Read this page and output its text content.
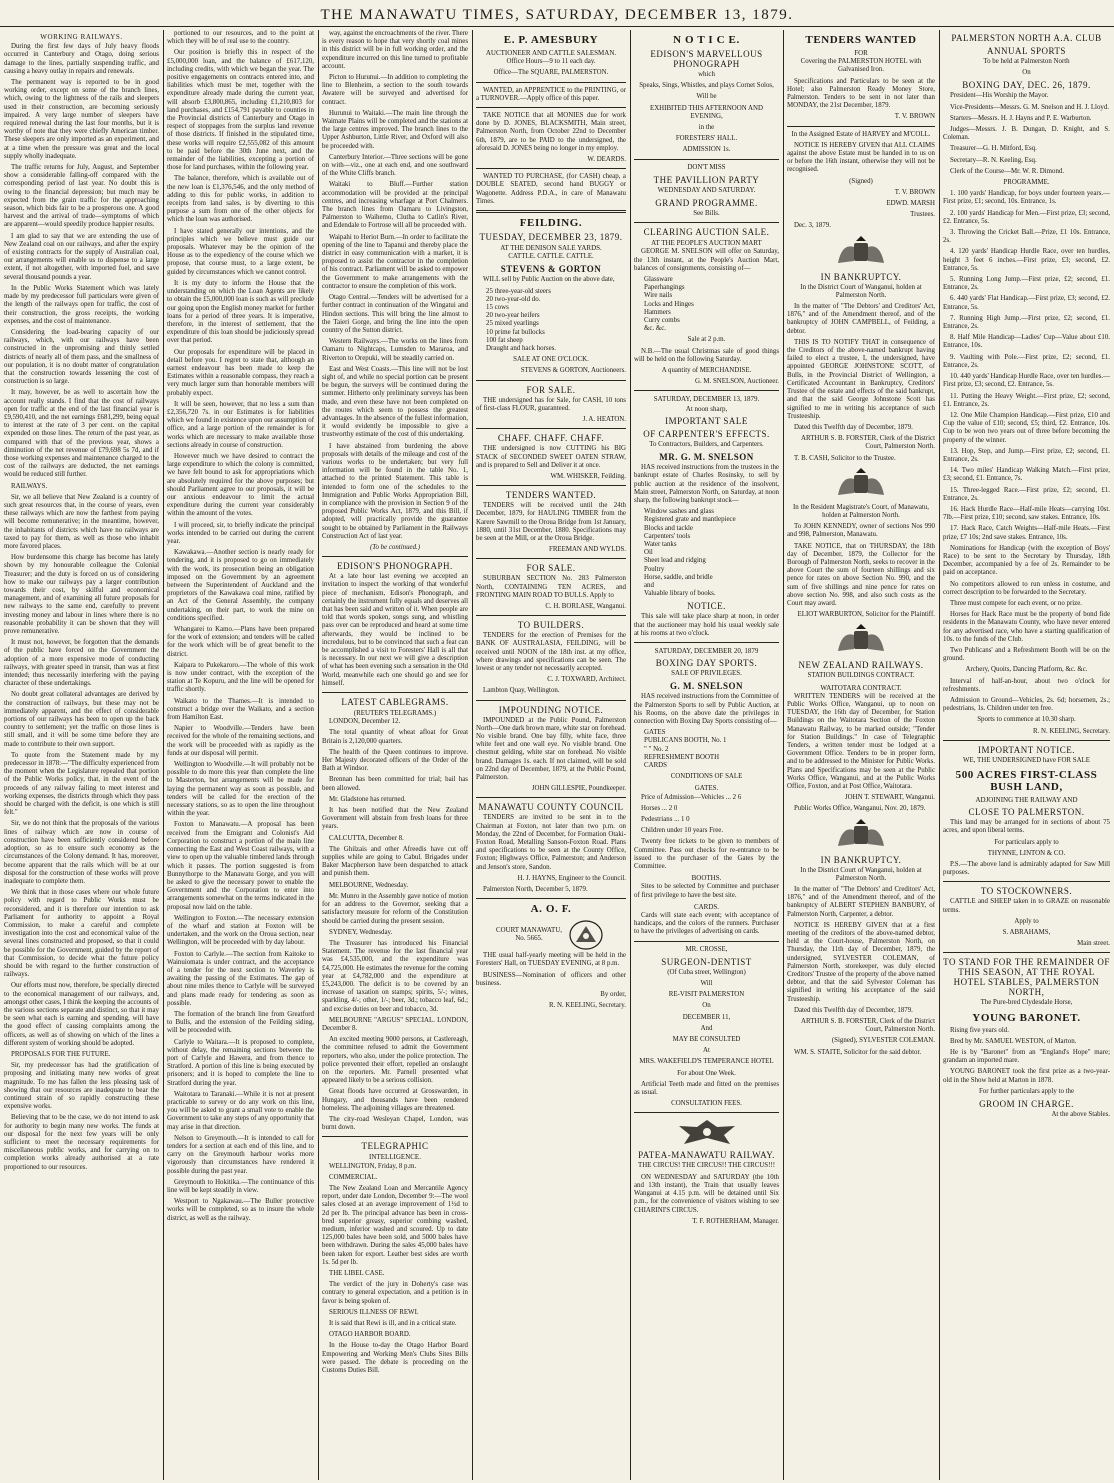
THE MANAWATU TIMES, SATURDAY, DECEMBER 13, 1879.

WORKING RAILWAYS.

During the first few days of July heavy floods occurred in Canterbury and Otago, doing serious damage to the lines, partially suspending traffic, and causing a heavy outlay in repairs and renewals.

The permanent way is reported to be in good working order, except on some of the branch lines, which, owing to the lightness of the rails and sleepers used in their construction, are becoming seriously impaired. A very large number of sleepers have required renewal during the last four months, but it is worthy of note that they were chiefly American timber. These sleepers are only imported as an experiment, and at a time when the pressure was great and the local supply wholly inadequate.

The traffic returns for July, August, and September show a considerable falling-off compared with the corresponding period of last year. No doubt this is owing to the financial depression; but much may be expected from the grain traffic for the approaching season, which bids fair to be a prosperous one. A good harvest and the arrival of trade—symptoms of which are apparent—would speedily produce happier results.

I am glad to say that we are extending the use of New Zealand coal on our railways, and after the expiry of existing contracts for the supply of Australian coal, our arrangements will enable us to dispense to a large extent, if not altogether, with imported fuel, and save several thousand pounds a year.

In the Public Works Statement which was lately made by my predecessor full particulars were given of the length of the railways open for traffic, the cost of their construction, the gross receipts, the working expenses, and the cost of maintenance.

Considering the load-bearing capacity of our railways, which, with our railways have been constructed in the unpromising and thinly settled districts of nearly all of them pass, and the smallness of our population, it is no doubt matter of congratulation that the construction towards lessening the cost of construction is so large.

It may, however, be as well to ascertain how the account really stands. I find that the cost of railways open for traffic at the end of the last financial year is £9,590,410, and the net earnings £681,299, being equal to interest at the rate of 3 per cent. on the capital expended on those lines. The return of the past year, as compared with that of the previous year, shows a diminution of the net revenue of £79,698 5s 7d, and if those working expenses and maintenance charged to the cost of the railways are deducted, the net earnings would be reduced still further.

RAILWAYS.

Sir, we all believe that New Zealand is a country of such great resources that, in the course of years, even these railways which are now the farthest from paying will become remunerative; in the meantime, however, the inhabitants of districts which have no railways are taxed to pay for them, as well as those who inhabit more favored places.

How burdensome this charge has become has lately shown by my honourable colleague the Colonial Treasurer; and the duty is forced on us of considering how to make our railways pay a larger contribution towards their cost, by skilful and economical management, and of examining all future proposals for new railways to the same end, carefully to prevent investing money and labour in lines where there is no reasonable probability it can be shown that they will prove remunerative.

It must not, however, be forgotten that the demands of the public have forced on the Government the adoption of a more expensive mode of conducting railways, with greater speed in transit, than was at first intended; thus necessarily interfering with the paying character of these undertakings.

No doubt great collateral advantages are derived by the construction of railways, but these may not be immediately apparent, and the effect of considerable portions of our railways has been to open up the back country to settlement; yet the traffic on those lines is still small, and it will be some time before they are made to contribute to their own support.

To quote from the Statement made by my predecessor in 1878:—"The difficulty experienced from the moment when the Legislature repealed that portion of the Public Works policy, that, in the event of the proceeds of any railway failing to meet interest and working expenses, the districts through which they pass should be charged with the deficit, is one which is still felt."

Sir, we do not think that the proposals of the various lines of railway which are now in course of construction have been sufficiently considered before adoption, so as to ensure such economy as the circumstances of the Colony demand. It has, moreover, become apparent that the rails which will be at our disposal for the construction of these works will prove inadequate to complete them.

We think that in those cases where our whole future policy with regard to Public Works must be reconsidered, and it is therefore our intention to ask Parliament for authority to appoint a Royal Commission, to make a careful and complete investigation into the cost and economical value of the several lines constructed and proposed, so that it could be possible for the Government, guided by the report of that Commission, to decide what the future policy should be with regard to the further construction of railways.

Our efforts must now, therefore, be specially directed to the economical management of our railways, and, amongst other cases, I think the keeping the accounts of the various sections separate and distinct, so that it may be seen what each is earning and spending, will have the good effect of causing complaints among the officers, as well as of showing on which of the lines a different system of working should be adopted.

PROPOSALS FOR THE FUTURE.

Sir, my predecessor has had the gratification of proposing and initiating many new works of great magnitude. To me has fallen the less pleasing task of showing that our resources are inadequate to bear the continued strain of so rapidly constructing these expensive works.

Believing that to be the case, we do not intend to ask for authority to begin many new works. The funds at our disposal for the next few years will be only sufficient to meet the necessary requirements for miscellaneous public works, and for carrying on to completion works already authorised at a rate proportioned to our resources.

portioned to our resources, and to the point at which they will be of real use to the country.

Our position is briefly this in respect of the £5,000,000 loan, and the balance of £617,120, including credits, with which we began the year. The positive engagements on contracts entered into, and liabilities which must be met, together with the expenditure already made during the current year, will absorb £3,800,865, including £1,210,803 for land purchases, and £154,791 payable to counties in the Provincial districts of Canterbury and Otago in respect of stoppages from the surplus land revenue of those districts. If finished in the stipulated time, these works will require £2,555,082 of this amount to be paid before the 30th June next, and the remainder of the liabilities, excepting a portion of those for land purchases, within the following year.

The balance, therefore, which is available out of the new loan is £1,376,546, and the only method of adding to this for public works, in addition to receipts from land sales, is by diverting to this purpose a sum from one of the other objects for which the loan was authorised.

I have stated generally our intentions, and the principles which we believe must guide our proposals. Whatever may be the opinion of the House as to the expediency of the course which we propose, that course must, to a large extent, be guided by circumstances which we cannot control.

It is my duty to inform the House that the understanding on which the Loan Agents are likely to obtain the £5,000,000 loan is such as will preclude our going upon the English money market for further loans for a period of three years. It is imperative, therefore, in the interest of settlement, that the expenditure of this loan should be judiciously spread over that period.

Our proposals for expenditure will be placed in detail before you. I regret to state that, although an earnest endeavour has been made to keep the Estimates within a reasonable compass, they reach a very much larger sum than honorable members will probably expect.

It will be seen, however, that no less a sum than £2,356,720 7s. in our Estimates is for liabilities which we found in existence upon our assumption of office, and a large portion of the remainder is for works which are necessary to make available those sections already in course of construction.

However much we have desired to contract the large expenditure to which the colony is committed, we have felt bound to ask for appropriations which are absolutely required for the above purposes; but should Parliament agree to our proposals, it will be our anxious endeavour to limit the actual expenditure during the current year considerably within the amount of the votes.

I will proceed, sir, to briefly indicate the principal works intended to be carried out during the current year.

Kawakawa.—Another section is nearly ready for tendering, and it is proposed to go on immediately with the work, its prosecution being an obligation imposed on the Government by an agreement between the Superintendent of Auckland and the proprietors of the Kawakawa coal mine, ratified by an Act of the General Assembly, the company undertaking, on their part, to work the mine on conditions specified.

Whangarei to Kamo.—Plans have been prepared for the work of extension; and tenders will be called for the work which will be of great benefit to the district.

Kaipara to Pukekaroro.—The whole of this work is now under contract, with the exception of the station at Te Kopuru, and the line will be opened for traffic shortly.

Waikato to the Thames.—It is intended to construct a bridge over the Waikato, and a section from Hamilton East.

Napier to Woodville.—Tenders have been received for the whole of the remaining sections, and the work will be proceeded with as rapidly as the funds at our disposal will permit.

Wellington to Woodville.—It will probably not be possible to do more this year than complete the line to Masterton, but arrangements will be made for laying the permanent way as soon as possible, and tenders will be called for the erection of the necessary stations, so as to open the line throughout within the year.

Foxton to Manawatu.—A proposal has been received from the Emigrant and Colonist's Aid Corporation to construct a portion of the main line connecting the East and West Coast railways, with a view to open up the valuable timbered lands through which it passes. The portion suggested is from Bunnythorpe to the Manawatu Gorge, and you will be asked to give the necessary power to enable the Government and the Corporation to enter into arrangements somewhat on the terms indicated in the proposal now laid on the table.

Wellington to Foxton.—The necessary extension of the wharf and station at Foxton will be undertaken, and the work on the Oroua section, near Wellington, will be proceeded with by day labour.

Foxton to Carlyle.—The section from Kaitoke to Wainuiomata is under contract, and the acceptance of a tender for the next section to Waverley is awaiting the passing of the Estimates. The gap of about nine miles thence to Carlyle will be surveyed and plans made ready for tendering as soon as possible.

The formation of the branch line from Greatford to Bulls, and the extension of the Feilding siding, will be proceeded with.

Carlyle to Waitara.—It is proposed to complete, without delay, the remaining sections between the port of Carlyle and Hawera, and from thence to Stratford. A portion of this line is being executed by prisoners; and it is hoped to complete the line to Stratford during the year.

Waitotara to Taranaki.—While it is not at present practicable to survey or do any work on this line, you will be asked to grant a small vote to enable the Government to take any steps of any opportunity that may arise in that direction.

Nelson to Greymouth.—It is intended to call for tenders for a section at each end of this line, and to carry on the Greymouth harbour works more vigorously than circumstances have rendered it possible during the past year.

Greymouth to Hokitika.—The continuance of this line will be kept steadily in view.

Westport to Ngakawau.—The Buller protective works will be completed, so as to insure the whole district, as well as the railway.

way, against the encroachments of the river. There is every reason to hope that very shortly coal mines in this district will be in full working order, and the expenditure incurred on this line turned to profitable account.

Picton to Hurunui.—In addition to completing the line to Blenheim, a section to the south towards Awatere will be surveyed and advertised for contract.

Hurunui to Waitaki.—The main line through the Waimate Plains will be completed and the stations at the large centres improved. The branch lines to the Upper Ashburton, Little River, and Oxford will also be proceeded with.

Canterbury Interior.—Three sections will be gone on with—viz., one at each end, and one southward of the White Cliffs branch.

Waitaki to Bluff.—Further station accommodation will be provided at the principal centres, and increasing wharfage at Port Chalmers. The branch lines from Oamaru to Livingston, Palmerston to Waihemo, Clutha to Catlin's River, and Edendale to Fortrose will all be proceeded with.

Waipahi to Heriot Burn.—In order to facilitate the opening of the line to Tapanui and thereby place the district in easy communication with a market, it is proposed to assist the contractor in the completion of his contract. Parliament will be asked to empower the Government to make arrangements with the contractor to ensure the completion of this work.

Otago Central.—Tenders will be advertised for a further contract in continuation of the Wingatui and Hindon sections. This will bring the line almost to the Taieri Gorge, and bring the line into the open country of the Sutton district.

Western Railways.—The works on the lines from Oamaru to Nightcaps, Lumsden to Mararoa, and Riverton to Orepuki, will be steadily carried on.

East and West Coasts.—This line will not be lost sight of, and while no special portion can be present be begun, the surveys will be continued during the summer. Hitherto only preliminary surveys has been made, and even these have not been completed on the routes which seem to possess the greatest advantages. In the absence of the fullest information, it would evidently be impossible to give a trustworthy estimate of the cost of this undertaking.

I have abstained from burdening the above proposals with details of the mileage and cost of the various works to be undertaken; but very full information will be found in the table No. 1, attached to the printed Statement. This table is intended to form one of the schedules to the Immigration and Public Works Appropriation Bill, in compliance with the provision in Section 9 of the proposed Public Works Act, 1879, and this Bill, if adopted, will practically provide the guarantee sought to be obtained by Parliament in the Railways Construction Act of last year.

(To be continued.)

EDISON'S PHONOGRAPH.

At a late hour last evening we accepted an invitation to inspect the working of that wonderful piece of mechanism, Edison's Phonograph, and certainly the instrument fully equals and deserves all that has been said and written of it. When people are told that words spoken, songs sung, and whistling pass over can be reproduced and heard at some time afterwards, they would be inclined to be incredulous, but to be convinced that such a feat can be accomplished a visit to Foresters' Hall is all that is necessary. In our next we will give a description of what has been evening such a sensation in the Old World, meanwhile each one should go and see for himself.

LATEST CABLEGRAMS.

(REUTER'S TELEGRAMS.)

LONDON, December 12.

The total quantity of wheat afloat for Great Britain is 2,120,000 quarters.

The health of the Queen continues to improve. Her Majesty decorated officers of the Order of the Bath at Windsor.

Brennan has been committed for trial; bail has been allowed.

Mr. Gladstone has returned.

It has been notified that the New Zealand Government will abstain from fresh loans for three years.

CALCUTTA, December 8.

The Ghilzais and other Afreedis have cut off supplies while are going to Cabul. Brigades under Baker Macpherson have been despatched to attack and punish them.

MELBOURNE, Wednesday.

Mr. Munro in the Assembly gave notice of motion for an address to the Governor, seeking that a satisfactory measure for reform of the Constitution should be carried during the present session.

SYDNEY, Wednesday.

The Treasurer has introduced his Financial Statement. The revenue for the last financial year was £4,535,000, and the expenditure was £4,725,000. He estimates the revenue for the coming year at £4,782,000 and the expenditure at £5,243,000. The deficit is to be covered by an increase of taxation on stamps; spirits, 5/-; wines, sparkling, 4/-; other, 1/-; beer, 3d.; tobacco leaf, 6d.; and excise duties on beer and tobacco, 3d.

MELBOURNE "ARGUS" SPECIAL. LONDON, December 8.

An excited meeting 9000 persons, at Castlereagh, the committee refused to admit the Government reporters, who also, under the police protection. The police prevented their effort, repelled an onslaught on the reporters. Mr. Parnell presented what appeared likely to be a serious collision.

Great floods have occurred at Grosswarden, in Hungary, and thousands have been rendered homeless. The adjoining villages are threatened.

The city-road Wesleyan Chapel, London, was burnt down.

TELEGRAPHIC

INTELLIGENCE.

WELLINGTON, Friday, 8 p.m.

COMMERCIAL.

The New Zealand Loan and Mercantile Agency report, under date London, December 9:—The wool sales closed at an average improvement of 1½d to 2d per lb. The principal advance has been in cross-bred superior greasy, superior combing washed, medium, inferior washed and scoured. Up to date 125,000 bales have been sold, and 5000 bales have been withdrawn. During the sales 45,000 bales have been taken for export. Leather best sides are worth 1s. 5d per lb.

THE LIBEL CASE.

The verdict of the jury in Doherty's case was contrary to general expectation, and a petition is in favor is being spoken of.

SERIOUS ILLNESS OF REWI.

It is said that Rewi is ill, and in a critical state.

OTAGO HARBOR BOARD.

In the House to-day the Otago Harbor Board Empowering and Working Men's Clubs Sites Bills were passed. The debate is proceeding on the Customs Duties Bill.

E. P. AMESBURY

AUCTIONEER AND CATTLE SALESMAN.

Office Hours—9 to 11 each day.

Office—The SQUARE, PALMERSTON.

WANTED, an APPRENTICE to the PRINTING, or a TURNOVER.—Apply office of this paper.

TAKE NOTICE that all MONIES due for work done by D. JONES, BLACKSMITH, Main street, Palmerston North, from October 22nd to December 6th, 1879, are to be PAID to the undersigned, the aforesaid D. JONES being no longer in my employ.

W. DEARDS.

WANTED TO PURCHASE, (for CASH) cheap, a DOUBLE SEATED, second hand BUGGY or Wagonette. Address P.D.A., in care of Manawatu Times.

FEILDING.

TUESDAY, DECEMBER 23, 1879.

AT THE DENISON SALE YARDS.

CATTLE. CATTLE. CATTLE.

STEVENS & GORTON

WILL sell by Public Auction on the above date,

25 three-year-old steers
20 two-year-old do.
15 cows
20 two-year heifers
25 mixed yearlings
10 prime fat bullocks
100 fat sheep
Draught and hack horses.

SALE AT ONE O'CLOCK.

STEVENS & GORTON, Auctioneers.

FOR SALE.

THE undersigned has for Sale, for CASH, 10 tons of first-class FLOUR, guaranteed.

J. A. HEATON.

CHAFF. CHAFF. CHAFF.

THE undersigned is now CUTTING his BIG STACK of SECONDED SWEET OATEN STRAW, and is prepared to Sell and Deliver it at once.

WM. WHISKER, Feilding.

TENDERS WANTED.

TENDERS will be received until the 24th December, 1879, for HAULING TIMBER from the Karere Sawmill to the Oroua Bridge from 1st January, 1880, until 31st December, 1880. Specifications may be seen at the Mill, or at the Oroua Bridge.

FREEMAN AND WYLDS.

FOR SALE.

SUBURBAN SECTION No. 283 Palmerston North, CONTAINING TEN ACRES, and FRONTING MAIN ROAD TO BULLS. Apply to

C. H. BORLASE, Wanganui.

TO BUILDERS.

TENDERS for the erection of Premises for the BANK OF AUSTRALASIA, FEILDING, will be received until NOON of the 18th inst. at my office, where drawings and specifications can be seen. The lowest or any tender not necessarily accepted.

C. J. TOXWARD, Architect.

Lambton Quay, Wellington.

IMPOUNDING NOTICE.

IMPOUNDED at the Public Pound, Palmerston North—One dark brown mare, white star on forehead. No visible brand. One bay filly, white face, three white feet and one wall eye. No visible brand. One chestnut gelding, white star on forehead. No visible brand. Damages 1s. each. If not claimed, will be sold on 22nd day of December, 1879, at the Public Pound, Palmerston.

JOHN GILLESPIE, Poundkeeper.

MANAWATU COUNTY COUNCIL

TENDERS are invited to be sent in to the Chairman at Foxton, not later than two p.m. on Monday, the 22nd of December, for Formation Otaki-Foxton Road, Metalling Sanson-Foxton Road. Plans and specifications to be seen at the County Office, Foxton; Highways Office, Palmerston; and Anderson and Jenson's store, Sandon.

H. J. HAYNS, Engineer to the Council.

Palmerston North, December 5, 1879.

A. O. F.

COURT MANAWATU,
No. 5665.

THE usual half-yearly meeting will be held in the Foresters' Hall, on TUESDAY EVENING, at 8 p.m.

BUSINESS—Nomination of officers and other business.

By order,

R. N. KEELING, Secretary.

N O T I C E.

EDISON'S MARVELLOUS PHONOGRAPH

which

Speaks, Sings, Whistles, and plays Cornet Solos,

Will be

EXHIBITED THIS AFTERNOON AND EVENING,

in the

FORESTERS' HALL.

ADMISSION 1s.

DON'T MISS

THE PAVILLION PARTY

WEDNESDAY AND SATURDAY.

GRAND PROGRAMME.

See Bills.

CLEARING AUCTION SALE.

AT THE PEOPLE'S AUCTION MART

GEORGE M. SNELSON will offer on Saturday, the 13th instant, at the People's Auction Mart, balances of consignments, consisting of—

Glassware
Paperhangings
Wire nails
Locks and Hinges
Hammers
Curry combs
&c. &c.

Sale at 2 p.m.

N.B.—The usual Christmas sale of good things will be held on the following Saturday.

A quantity of MERCHANDISE.

G. M. SNELSON, Auctioneer.

SATURDAY, DECEMBER 13, 1879.

At noon sharp,

IMPORTANT SALE

OF CARPENTER'S EFFECTS.

To Contractors, Builders, and Carpenters.

MR. G. M. SNELSON

HAS received instructions from the trustees in the bankrupt estate of Charles Rosinsky, to sell by public auction at the residence of the insolvent, Main street, Palmerston North, on Saturday, at noon sharp, the following bankrupt stock—

Window sashes and glass
Registered grate and mantlepiece
Blocks and tackle
Carpenters' tools
Water tanks
Oil
Sheet lead and ridging
Poultry
Horse, saddle, and bridle
and
Valuable library of books.

NOTICE.

This sale will take place sharp at noon, in order that the auctioneer may hold his usual weekly sale at his rooms at two o'clock.

SATURDAY, DECEMBER 20, 1879

BOXING DAY SPORTS.

SALE OF PRIVILEGES.

G. M. SNELSON

HAS received instructions from the Committee of the Palmerston Sports to sell by Public Auction, at his Rooms, on the above date the privileges in connection with Boxing Day Sports consisting of—

GATES
PUBLICANS BOOTH, No. 1
" " No. 2
REFRESHMENT BOOTH
CARDS

CONDITIONS OF SALE

GATES.

Price of Admission—Vehicles ... 2 6

Horses ... 2 0

Pedestrians ... 1 0

Children under 10 years Free.

Twenty free tickets to be given to members of Committee. Pass out checks for re-entrance to be issued to the purchaser of the Gates by the Committee.

BOOTHS.

Sites to be selected by Committee and purchaser of first privilege to have the best site.

CARDS.

Cards will state each event; with acceptance of handicaps, and the colors of the runners. Purchaser to have the privileges of advertising on cards.

MR. CROSSE,

SURGEON-DENTIST

(Of Cuba street, Wellington)

Will

RE-VISIT PALMERSTON

On

DECEMBER 11,

And

MAY BE CONSULTED

At

MRS. WAKEFIELD'S TEMPERANCE HOTEL

For about One Week.

Artificial Teeth made and fitted on the premises as usual.

CONSULTATION FEES.

PATEA-MANAWATU RAILWAY.

THE CIRCUS! THE CIRCUS!! THE CIRCUS!!!

ON WEDNESDAY and SATURDAY (the 10th and 13th instant), the Train that usually leaves Wanganui at 4.15 p.m. will be detained until Six p.m., for the convenience of visitors wishing to see CHIARINI'S CIRCUS.

T. F. ROTHERHAM, Manager.

TENDERS WANTED

FOR

Covering the PALMERSTON HOTEL with Galvanised Iron.

Specifications and Particulars to be seen at the Hotel; also Palmerston Ready Money Store, Palmerston. Tenders to be sent in not later than MONDAY, the 21st December, 1879.

T. V. BROWN

In the Assigned Estate of HARVEY and M'COLL.

NOTICE IS HEREBY GIVEN that ALL CLAIMS against the above Estate must be handed in to us on or before the 16th instant, otherwise they will not be recognised.

(Signed)

T. V. BROWN

EDWD. MARSH

Trustees.

Dec. 3, 1879.

IN BANKRUPTCY.

In the District Court of Wanganui, holden at Palmerston North.

In the matter of "The Debtors' and Creditors' Act, 1876," and of the Amendment thereof, and of the bankruptcy of JOHN CAMPBELL, of Feilding, a debtor.

THIS IS TO NOTIFY THAT in consequence of the Creditors of the above-named bankrupt having failed to elect a trustee, I, the undersigned, have appointed GEORGE JOHNSTONE SCOTT, of Bulls, in the Provincial District of Wellington, a Certificated Accountant in Bankruptcy, Creditors' Trustee of the estate and effects of the said bankrupt, and that the said George Johnstone Scott has signified to me in writing his acceptance of such Trusteeship.

Dated this Twelfth day of December, 1879.

ARTHUR S. B. FORSTER, Clerk of the District Court, Palmerston North.

T. B. CASH, Solicitor to the Trustee.

In the Resident Magistrate's Court, of Manawatu, holden at Palmerston North.

To JOHN KENNEDY, owner of sections Nos 990 and 998, Palmerston, Manawatu.

TAKE NOTICE, that on THURSDAY, the 18th day of December, 1879, the Collector for the Borough of Palmerston North, seeks to recover in the above Court the sum of fourteen shillings and six pence for rates on above Section No. 990, and the sum of five shillings and nine pence for rates on above section No. 998, and also such costs as the Court may award.

ELIOT WARBURTON, Solicitor for the Plaintiff.

NEW ZEALAND RAILWAYS.

STATION BUILDINGS CONTRACT.

WAITOTARA CONTRACT.

WRITTEN TENDERS will be received at the Public Works Office, Wanganui, up to noon on TUESDAY, the 16th day of December, for Station Buildings on the Waitotara Section of the Foxton Manawatu Railway, to be marked outside; "Tender for Station Buildings." In case of Telegraphic Tenders, a written tender must be lodged at a Government Office. Tenders to be in proper form, and to be addressed to the Minister for Public Works. Plans and Specifications may be seen at the Public Works Office, Wanganui, and at the Public Works Office, Foxton, and at Post Office, Waitotara.

JOHN T. STEWART, Wanganui.

Public Works Office, Wanganui, Nov. 20, 1879.

IN BANKRUPTCY.

In the District Court of Wanganui, holden at Palmerston North.

In the matter of "The Debtors' and Creditors' Act, 1876," and of the Amendment thereof, and of the bankruptcy of ALBERT STEPHEN BANBURY, of Palmerston North, Carpenter, a debtor.

NOTICE IS HEREBY GIVEN that at a first meeting of the creditors of the above-named debtor, held at the Court-house, Palmerston North, on Thursday, the 11th day of December, 1879, the undersigned, SYLVESTER COLEMAN, of Palmerston North, storekeeper, was duly elected Creditors' Trustee of the property of the above named debtor, and that the said Sylvester Coleman has signified in writing his acceptance of the said Trusteeship.

Dated this Twelfth day of December, 1879.

ARTHUR S. B. FORSTER, Clerk of the District Court, Palmerston North.

(Signed), SYLVESTER COLEMAN.

WM. S. STAITE, Solicitor for the said debtor.

PALMERSTON NORTH A.A. CLUB

ANNUAL SPORTS

To be held at Palmerston North

On

BOXING DAY, DEC. 26, 1879.

President—His Worship the Mayor.

Vice-Presidents—Messrs. G. M. Snelson and H. J. Lloyd.

Starters—Messrs. H. J. Hayns and P. E. Warburton.

Judges—Messrs. J. B. Dungan, D. Knight, and S. Coleman.

Treasurer—G. H. Mitford, Esq.

Secretary—R. N. Keeling, Esq.

Clerk of the Course—Mr. W. R. Dimond.

PROGRAMME.

1. 100 yards' Handicap, for boys under fourteen years.—First prize, £1; second, 10s. Entrance, 1s.

2. 100 yards' Handicap for Men.—First prize, £3; second, £2. Entrance, 5s.

3. Throwing the Cricket Ball.—Prize, £1 10s. Entrance, 2s.

4. 120 yards' Handicap Hurdle Race, over ten hurdles, height 3 feet 6 inches.—First prize, £3; second, £2. Entrance, 5s.

5. Running Long Jump.—First prize, £2; second, £1. Entrance, 2s.

6. 440 yards' Flat Handicap.—First prize, £3; second, £2. Entrance, 5s.

7. Running High Jump.—First prize, £2; second, £1. Entrance, 2s.

8. Half Mile Handicap—Ladies' Cup—Value about £10. Entrance, 10s.

9. Vaulting with Pole.—First prize, £2; second, £1. Entrance, 2s.

10. 440 yards' Handicap Hurdle Race, over ten hurdles.—First prize, £3; second, £2. Entrance, 5s.

11. Putting the Heavy Weight.—First prize, £2; second, £1. Entrance, 2s.

12. One Mile Champion Handicap.—First prize, £10 and Cup the value of £10; second, £5; third, £2. Entrance, 10s. Cup to be won two years out of three before becoming the property of the winner.

13. Hop, Step, and Jump.—First prize, £2; second, £1. Entrance, 2s.

14. Two miles' Handicap Walking Match.—First prize, £3; second, £1. Entrance, 7s.

15. Three-legged Race.—First prize, £2; second, £1. Entrance, 2s.

16. Hack Hurdle Race—Half-mile Heats—carrying 10st. 7lb.—First prize, £10; second, saw stakes. Entrance, 10s.

17. Hack Race, Catch Weights—Half-mile Heats.—First prize, £7 10s; 2nd save stakes. Entrance, 10s.

Nominations for Handicap (with the exception of Boys' Race) to be sent to the Secretary by Thursday, 18th December, accompanied by a fee of 2s. Remainder to be paid on acceptance.

No competitors allowed to run unless in costume, and correct description to be forwarded to the Secretary.

Three must compete for each event, or no prize.

Horses for Hack Race must be the property of bond fide residents in the Manawatu County, who have never entered for any advertised race, who have a starting qualification of 10s. to the funds of the Club.

Two Publicans' and a Refreshment Booth will be on the ground.

Archery, Quoits, Dancing Platform, &c. &c.

Interval of half-an-hour, about two o'clock for refreshments.

Admission to Ground—Vehicles, 2s. 6d; horsemen, 2s.; pedestrians, 1s. Children under ten free.

Sports to commence at 10.30 sharp.

R. N. KEELING, Secretary.

IMPORTANT NOTICE.

WE, THE UNDERSIGNED have FOR SALE

500 ACRES FIRST-CLASS BUSH LAND,

ADJOINING THE RAILWAY AND

CLOSE TO PALMERSTON.

This land may be arranged for in sections of about 75 acres, and upon liberal terms.

For particulars apply to

THYNNE, LINTON & CO.

P.S.—The above land is admirably adapted for Saw Mill purposes.

TO STOCKOWNERS.

CATTLE and SHEEP taken in to GRAZE on reasonable terms.

Apply to

S. ABRAHAMS,

Main street.

TO STAND FOR THE REMAINDER OF THIS SEASON, AT THE ROYAL HOTEL STABLES, PALMERSTON NORTH,

The Pure-bred Clydesdale Horse,

YOUNG BARONET.

Rising five years old.

Bred by Mr. SAMUEL WESTON, of Marton.

He is by "Baronet" from an "England's Hope" mare; grandam an imported mare.

YOUNG BARONET took the first prize as a two-year-old in the Show held at Marton in 1878.

For further particulars apply to the

GROOM IN CHARGE.

At the above Stables.
